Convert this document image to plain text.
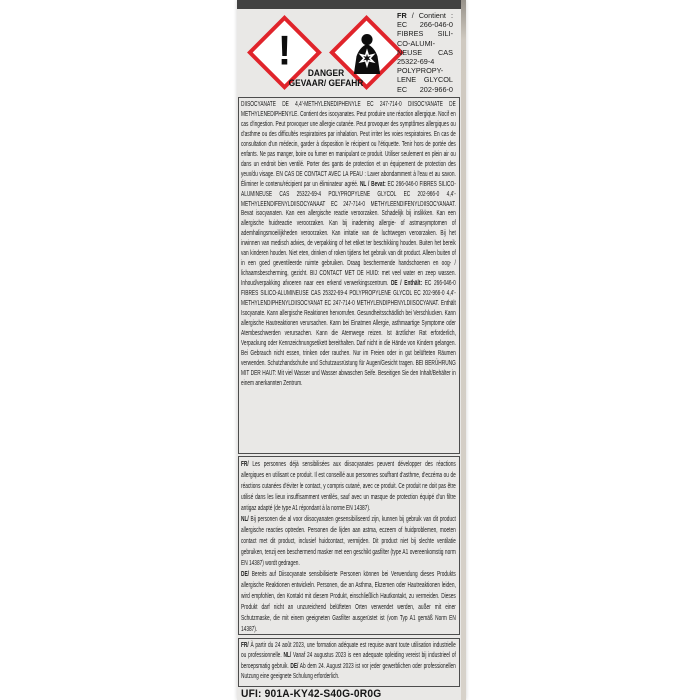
!	DANGER
GEVAAR/ GEFAHR
FR / Contient :
EC 266-046-0
FIBRES SILI-
CO-ALUMI-
NEUSE CAS
25322-69-4
POLYPROPY-
LENE GLYCOL
EC 202-966-0
DIISOCYANATE DE 4,4'-METHYLENEDIPHENYLE EC 247-714-0 DIISOCYANATE DE METHYLENEDIPHENYLE. Contient des isocyanates. Peut produire une réaction allergique. Nocif en cas d'ingestion. Peut provoquer une allergie cutanée. Peut provoquer des symptômes allergiques ou d'asthme ou des difficultés respiratoires par inhalation. Peut irriter les voies respiratoires. En cas de consultation d'un médecin, garder à disposition le récipient ou l'étiquette. Tenir hors de portée des enfants. Ne pas manger, boire ou fumer en manipulant ce produit. Utiliser seulement en plein air ou dans un endroit bien ventilé. Porter des gants de protection et un équipement de protection des yeux/du visage. EN CAS DE CONTACT AVEC LA PEAU : Laver abondamment à l'eau et au savon. Éliminer le contenu/récipient par un éliminateur agréé. NL / Bevat: EC 266-046-0 FIBRES SILICO-ALUMINEUSE CAS 25322-69-4 POLYPROPYLENE GLYCOL EC 202-966-0 4,4'-METHYLEENDIFENYLDIISOCYANAAT EC 247-714-0 METHYLEENDIFENYLDIISOCYANAAT. Bevat isocyanaten. Kan een allergische reactie veroorzaken. Schadelijk bij inslikken. Kan een allergische huidreactie veroorzaken. Kan bij inademing allergie- of astmasymptomen of ademhalingsmoeilijkheden veroorzaken. Kan irritatie van de luchtwegen veroorzaken. Bij het inwinnen van medisch advies, de verpakking of het etiket ter beschikking houden. Buiten het bereik van kinderen houden. Niet eten, drinken of roken tijdens het gebruik van dit product. Alleen buiten of in een goed geventileerde ruimte gebruiken. Draag beschermende handschoenen en oog- / lichaamsbescherming, gezicht. BIJ CONTACT MET DE HUID: met veel water en zeep wassen. Inhoud/verpakking afvoeren naar een erkend verwerkingscentrum. DE / Enthält: EC 266-046-0 FIBRES SILICO-ALUMINEUSE CAS 25322-69-4 POLYPROPYLENE GLYCOL EC 202-966-0 4,4'-METHYLENDIPHENYLDIISOCYANAT EC 247-714-0 METHYLENDIPHENYLDIISOCYANAT. Enthält Isocyanate. Kann allergische Reaktionen hervorrufen. Gesundheitsschädlich bei Verschlucken. Kann allergische Hautreaktionen verursachen. Kann bei Einatmen Allergie, asthmaartige Symptome oder Atembeschwerden verursachen. Kann die Atemwege reizen. Ist ärztlicher Rat erforderlich, Verpackung oder Kennzeichnungsetikett bereithalten. Darf nicht in die Hände von Kindern gelangen. Bei Gebrauch nicht essen, trinken oder rauchen. Nur im Freien oder in gut belüfteten Räumen verwenden. Schutzhandschuhe und Schutzausrüstung für Augen/Gesicht tragen. BEI BERÜHRUNG MIT DER HAUT: Mit viel Wasser und Wasser abwaschen Seife. Beseitigen Sie den Inhalt/Behälter in einem anerkannten Zentrum.

FR/ Les personnes déjà sensibilisées aux diisocyanates peuvent développer des réactions allergiques en utilisant ce produit. Il est conseillé aux personnes souffrant d'asthme, d'eczéma ou de réactions cutanées d'éviter le contact, y compris cutané, avec ce produit. Ce produit ne doit pas être utilisé dans les lieux insuffisamment ventilés, sauf avec un masque de protection équipé d'un filtre antigaz adapté (de type A1 répondant à la norme EN 14387).

NL/ Bij personen die al voor diisocyanaten gesensibiliseerd zijn, kunnen bij gebruik van dit product allergische reacties optreden. Personen die lijden aan astma, eczeem of huidproblemen, moeten contact met dit product, inclusief huidcontact, vermijden. Dit product niet bij slechte ventilatie gebruiken, tenzij een beschermend masker met een geschikt gasfilter (type A1 overeenkomstig norm EN 14387) wordt gedragen.

DE/ Bereits auf Diisocyanate sensibilisierte Personen können bei Verwendung dieses Produkts allergische Reaktionen entwickeln. Personen, die an Asthma, Ekzemen oder Hautreaktionen leiden, wird empfohlen, den Kontakt mit diesem Produkt, einschließlich Hautkontakt, zu vermeiden. Dieses Produkt darf nicht an unzureichend belüfteten Orten verwendet werden, außer mit einer Schutzmaske, die mit einem geeigneten Gasfilter ausgerüstet ist (vom Typ A1 gemäß Norm EN 14387).

FR/ À partir du 24 août 2023, une formation adéquate est requise avant toute utilisation industrielle ou professionnelle. NL/ Vanaf 24 augustus 2023 is een adequate opleiding vereist bij industrieel of beroepsmatig gebruik. DE/ Ab dem 24. August 2023 ist vor jeder gewerblichen oder professionellen Nutzung eine geeignete Schulung erforderlich.
UFI: 901A-KY42-S40G-0R0G
